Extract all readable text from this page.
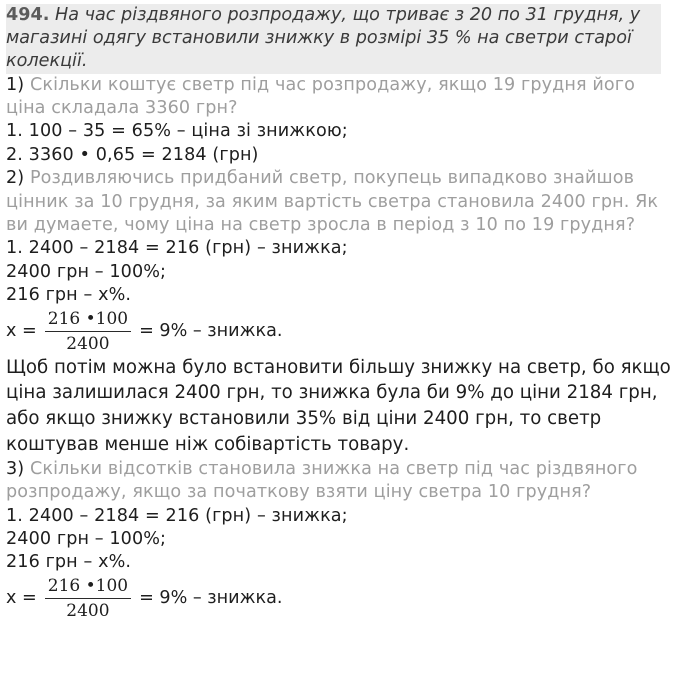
494. На час різдвяного розпродажу, що триває з 20 по 31 грудня, у
магазині одягу встановили знижку в розмірі 35 % на светри старої
колекції.
1) Скільки коштує светр під час розпродажу, якщо 19 грудня його
ціна складала 3360 грн?
1. 100 – 35 = 65% – ціна зі знижкою;
2. 3360 • 0,65 = 2184 (грн)
2) Роздивляючись придбаний светр, покупець випадково знайшов
цінник за 10 грудня, за яким вартість светра становила 2400 грн. Як
ви думаете, чому ціна на светр зросла в період з 10 по 19 грудня?
1. 2400 – 2184 = 216 (грн) – знижка;
2400 грн – 100%;
216 грн – х%.
$х = \frac{216 •100}{2400} = 9\%$ – знижка.
Щоб потім можна було встановити більшу знижку на светр, бо якщо
ціна залишилася 2400 грн, то знижка була би 9% до ціни 2184 грн,
або якщо знижку встановили 35% від ціни 2400 грн, то светр
коштував менше ніж собівартість товару.
3) Скільки відсотків становила знижка на светр під час різдвяного
розпродажу, якщо за початкову взяти ціну светра 10 грудня?
1. 2400 – 2184 = 216 (грн) – знижка;
2400 грн – 100%;
216 грн – х%.
$х = \frac{216 •100}{2400} = 9\%$ – знижка.
